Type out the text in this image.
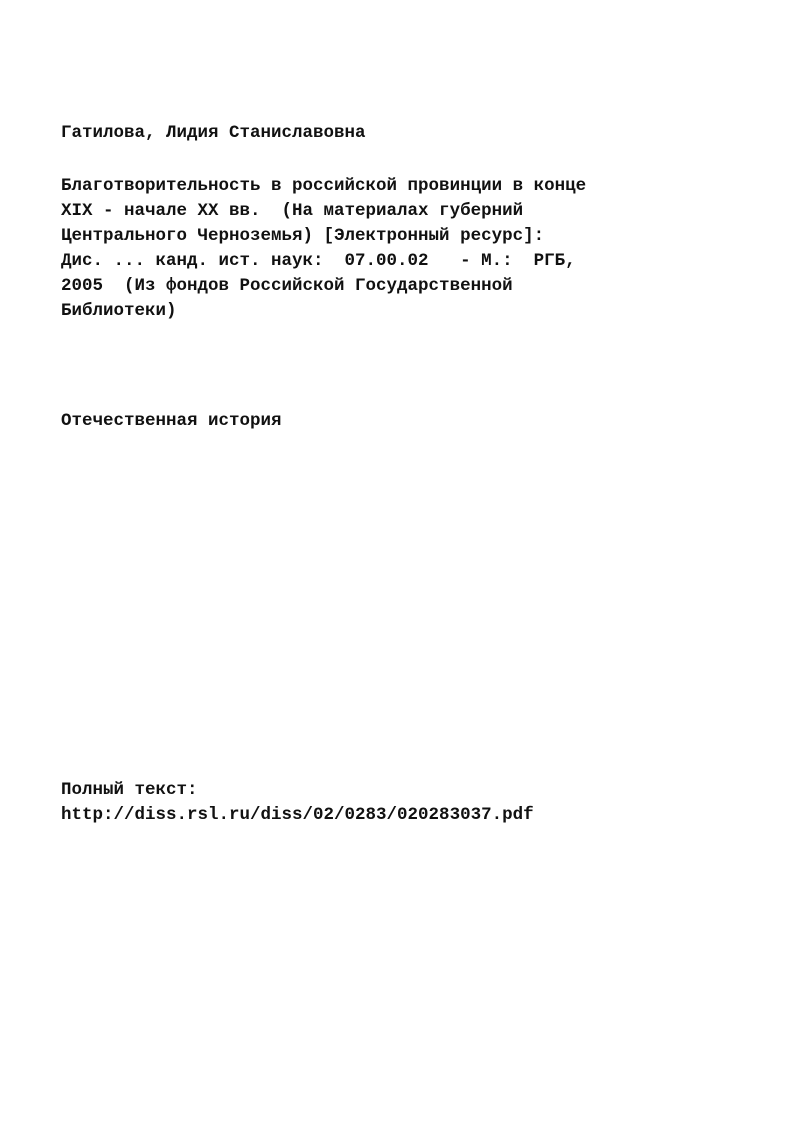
Гатилова, Лидия Станиславовна

Благотворительность в российской провинции в конце

XIX - начале XX вв.  (На материалах губерний

Центрального Черноземья) [Электронный ресурс]:

Дис. ... канд. ист. наук:  07.00.02   - М.:  РГБ,

2005  (Из фондов Российской Государственной

Библиотеки)

Отечественная история

Полный текст:

http://diss.rsl.ru/diss/02/0283/020283037.pdf
